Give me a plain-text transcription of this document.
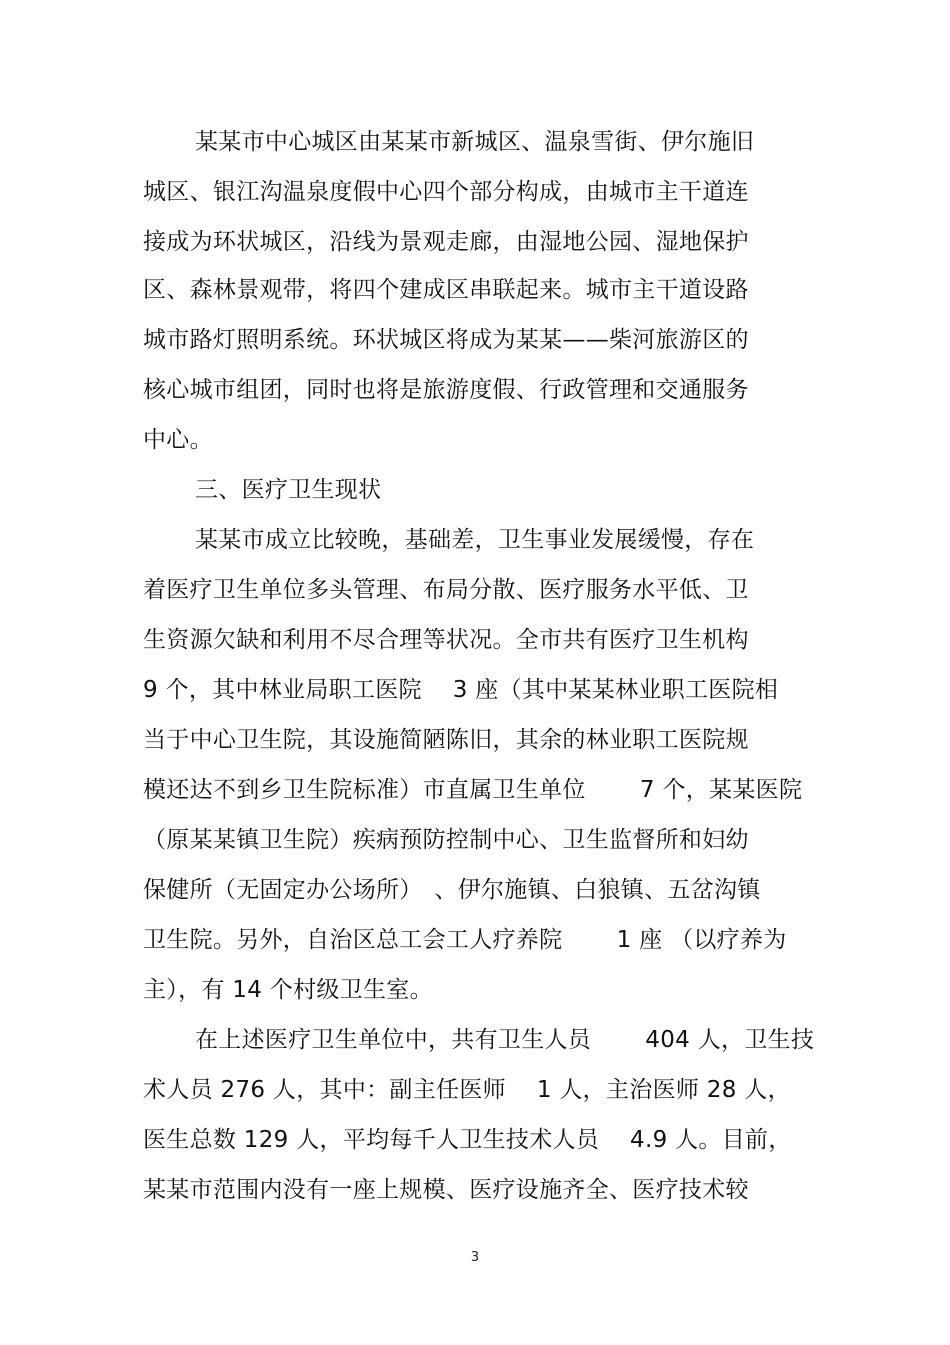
某某市中心城区由某某市新城区、温泉雪街、伊尔施旧
城区、银江沟温泉度假中心四个部分构成，由城市主干道连
接成为环状城区，沿线为景观走廊，由湿地公园、湿地保护
区、森林景观带，将四个建成区串联起来。城市主干道设路
城市路灯照明系统。环状城区将成为某某——柴河旅游区的
核心城市组团，同时也将是旅游度假、行政管理和交通服务
中心。
三、医疗卫生现状
某某市成立比较晚，基础差，卫生事业发展缓慢，存在
着医疗卫生单位多头管理、布局分散、医疗服务水平低、卫
生资源欠缺和利用不尽合理等状况。全市共有医疗卫生机构
9 个，其中林业局职工医院　 3 座（其中某某林业职工医院相
当于中心卫生院，其设施简陋陈旧，其余的林业职工医院规
模还达不到乡卫生院标准）市直属卫生单位　　 7 个，某某医院
（原某某镇卫生院）疾病预防控制中心、卫生监督所和妇幼
保健所（无固定办公场所）　、伊尔施镇、白狼镇、五岔沟镇
卫生院。另外，自治区总工会工人疗养院　　 1 座 （以疗养为
主），有 14 个村级卫生室。
在上述医疗卫生单位中，共有卫生人员　　 404 人，卫生技
术人员 276 人，其中：副主任医师　 1 人，主治医师 28 人，
医生总数 129 人，平均每千人卫生技术人员　 4.9 人。目前，
某某市范围内没有一座上规模、医疗设施齐全、医疗技术较
3
